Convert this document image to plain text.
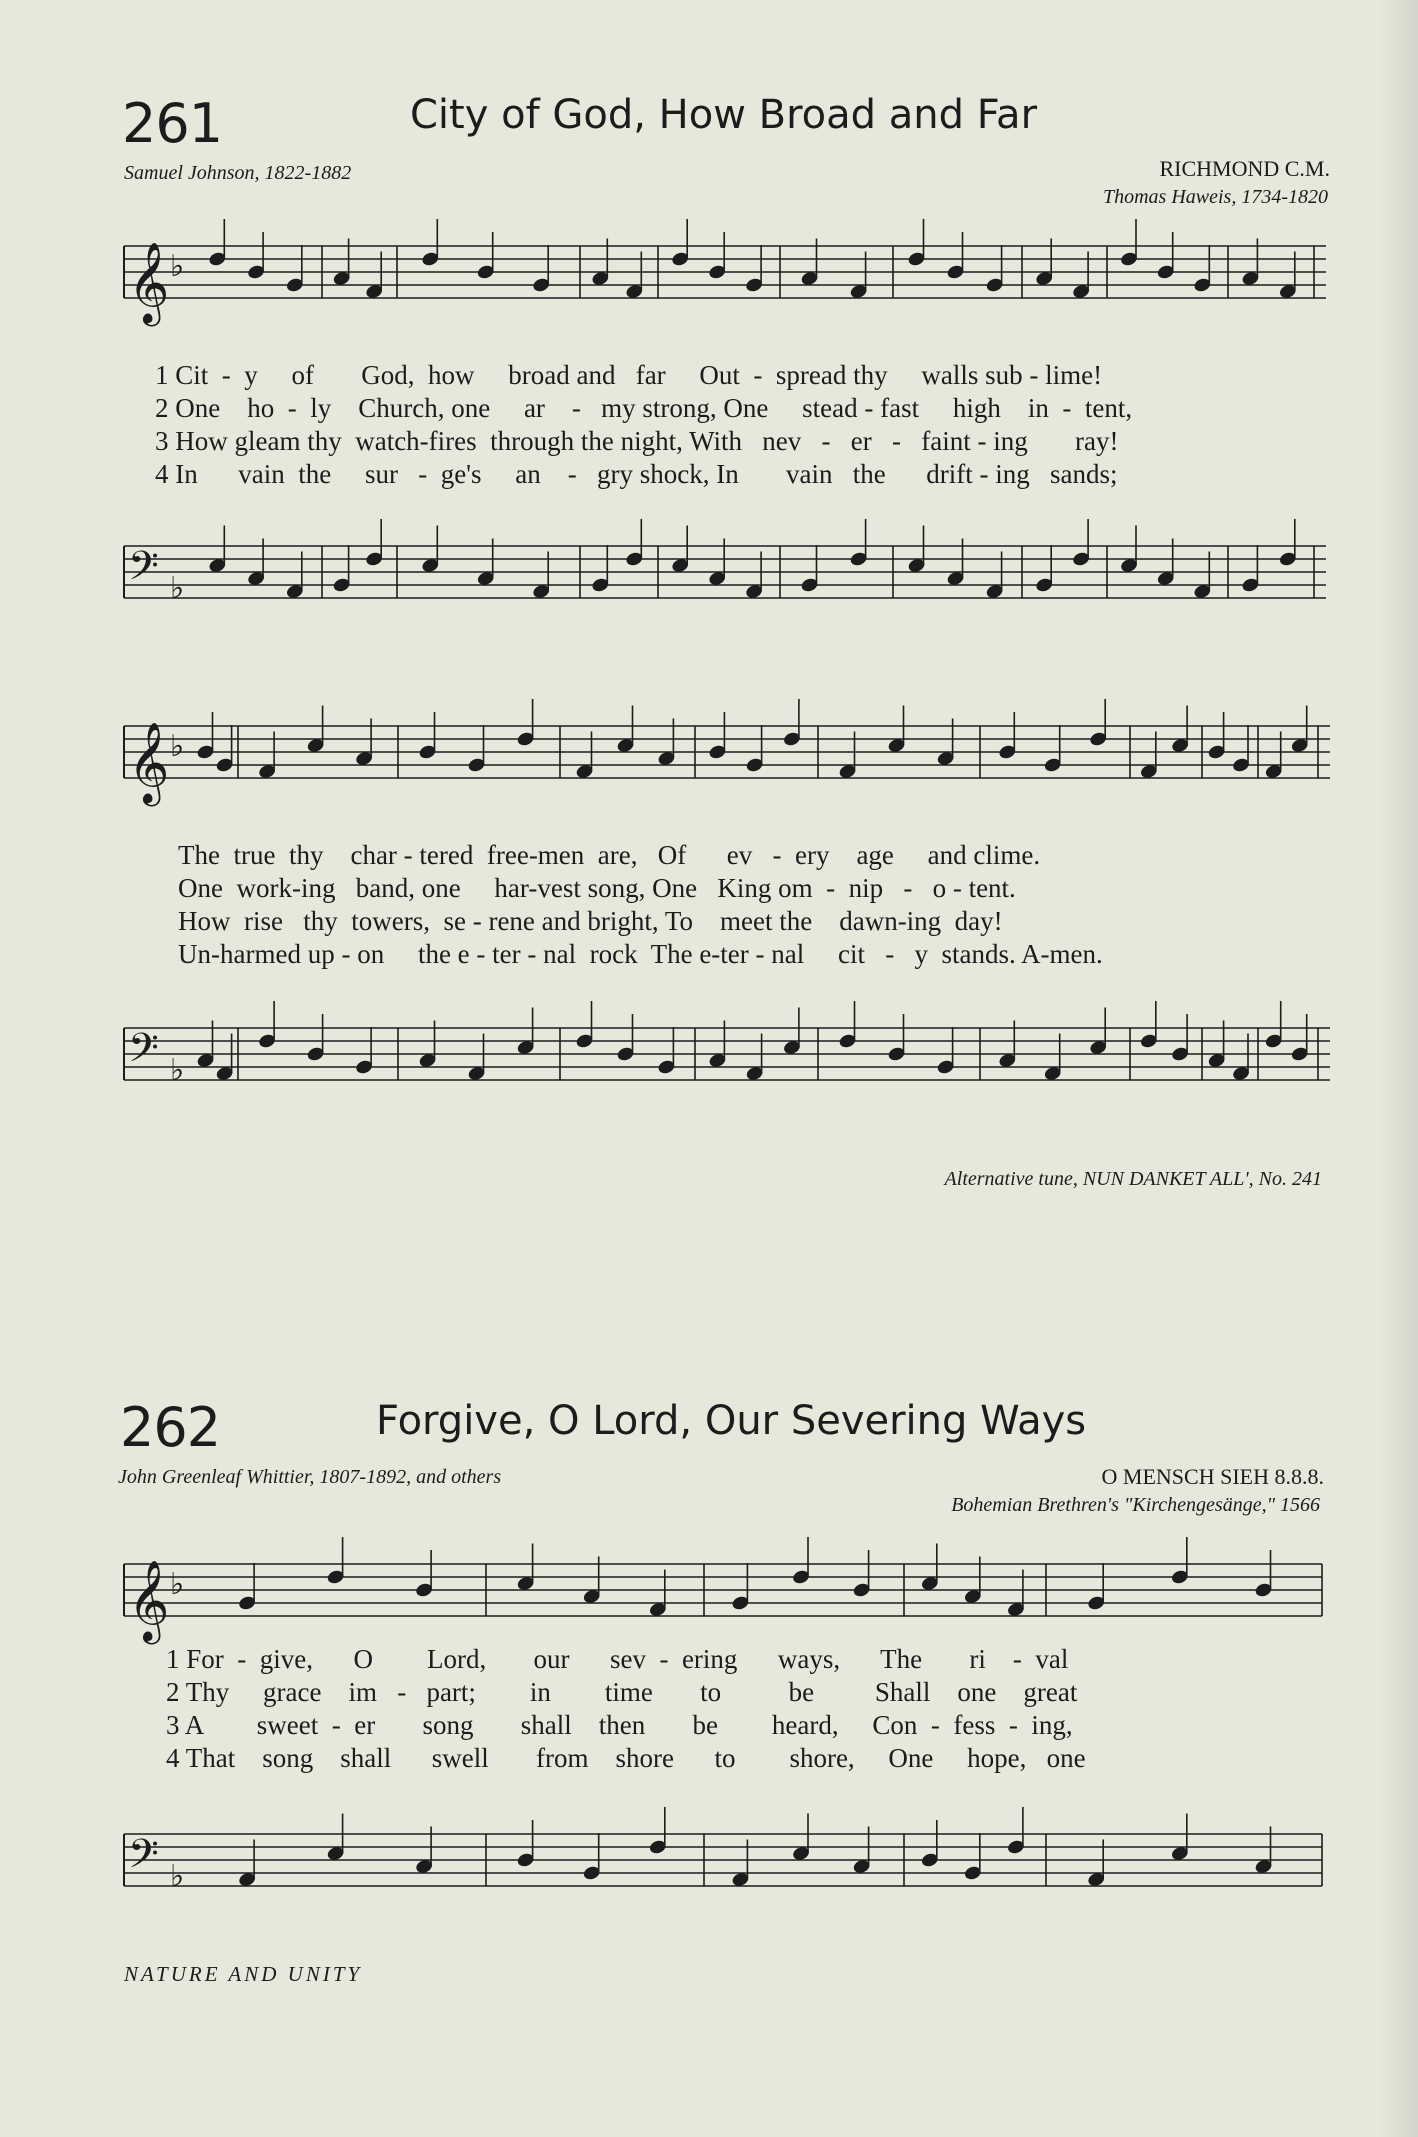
261	City of God, How Broad and Far
Samuel Johnson, 1822-1882	RICHMOND C.M.
Thomas Haweis, 1734-1820
1 Cit  -  y     of       God,  how     broad and   far     Out  -  spread thy     walls sub - lime!
2 One    ho  -  ly    Church, one     ar    -   my strong, One     stead - fast     high    in  -  tent,
3 How gleam thy  watch-fires  through the night, With   nev   -   er   -   faint - ing       ray!
4 In      vain  the     sur   -  ge's     an    -   gry shock, In       vain   the      drift - ing   sands;
The  true  thy    char - tered  free-men  are,   Of      ev   -  ery    age     and clime.
One  work-ing   band, one     har-vest song, One   King om  -  nip   -   o - tent.
How  rise   thy  towers,  se - rene and bright, To    meet the    dawn-ing  day!
Un-harmed up - on     the e - ter - nal  rock  The e-ter - nal     cit   -   y  stands. A-men.
Alternative tune, NUN DANKET ALL', No. 241
262	Forgive, O Lord, Our Severing Ways
John Greenleaf Whittier, 1807-1892, and others	O MENSCH SIEH 8.8.8.
Bohemian Brethren's "Kirchengesänge," 1566
1 For  -  give,      O        Lord,       our      sev  -  ering      ways,      The       ri    -  val
2 Thy     grace    im   -   part;        in        time       to          be         Shall    one    great
3 A        sweet  -  er       song       shall    then       be        heard,     Con  -  fess  -  ing,
4 That    song    shall      swell       from    shore      to        shore,     One     hope,   one
NATURE AND UNITY
𝄞 ♭
𝄢 ♭
𝄞 ♭
𝄢 ♭
𝄞 ♭
𝄢 ♭
